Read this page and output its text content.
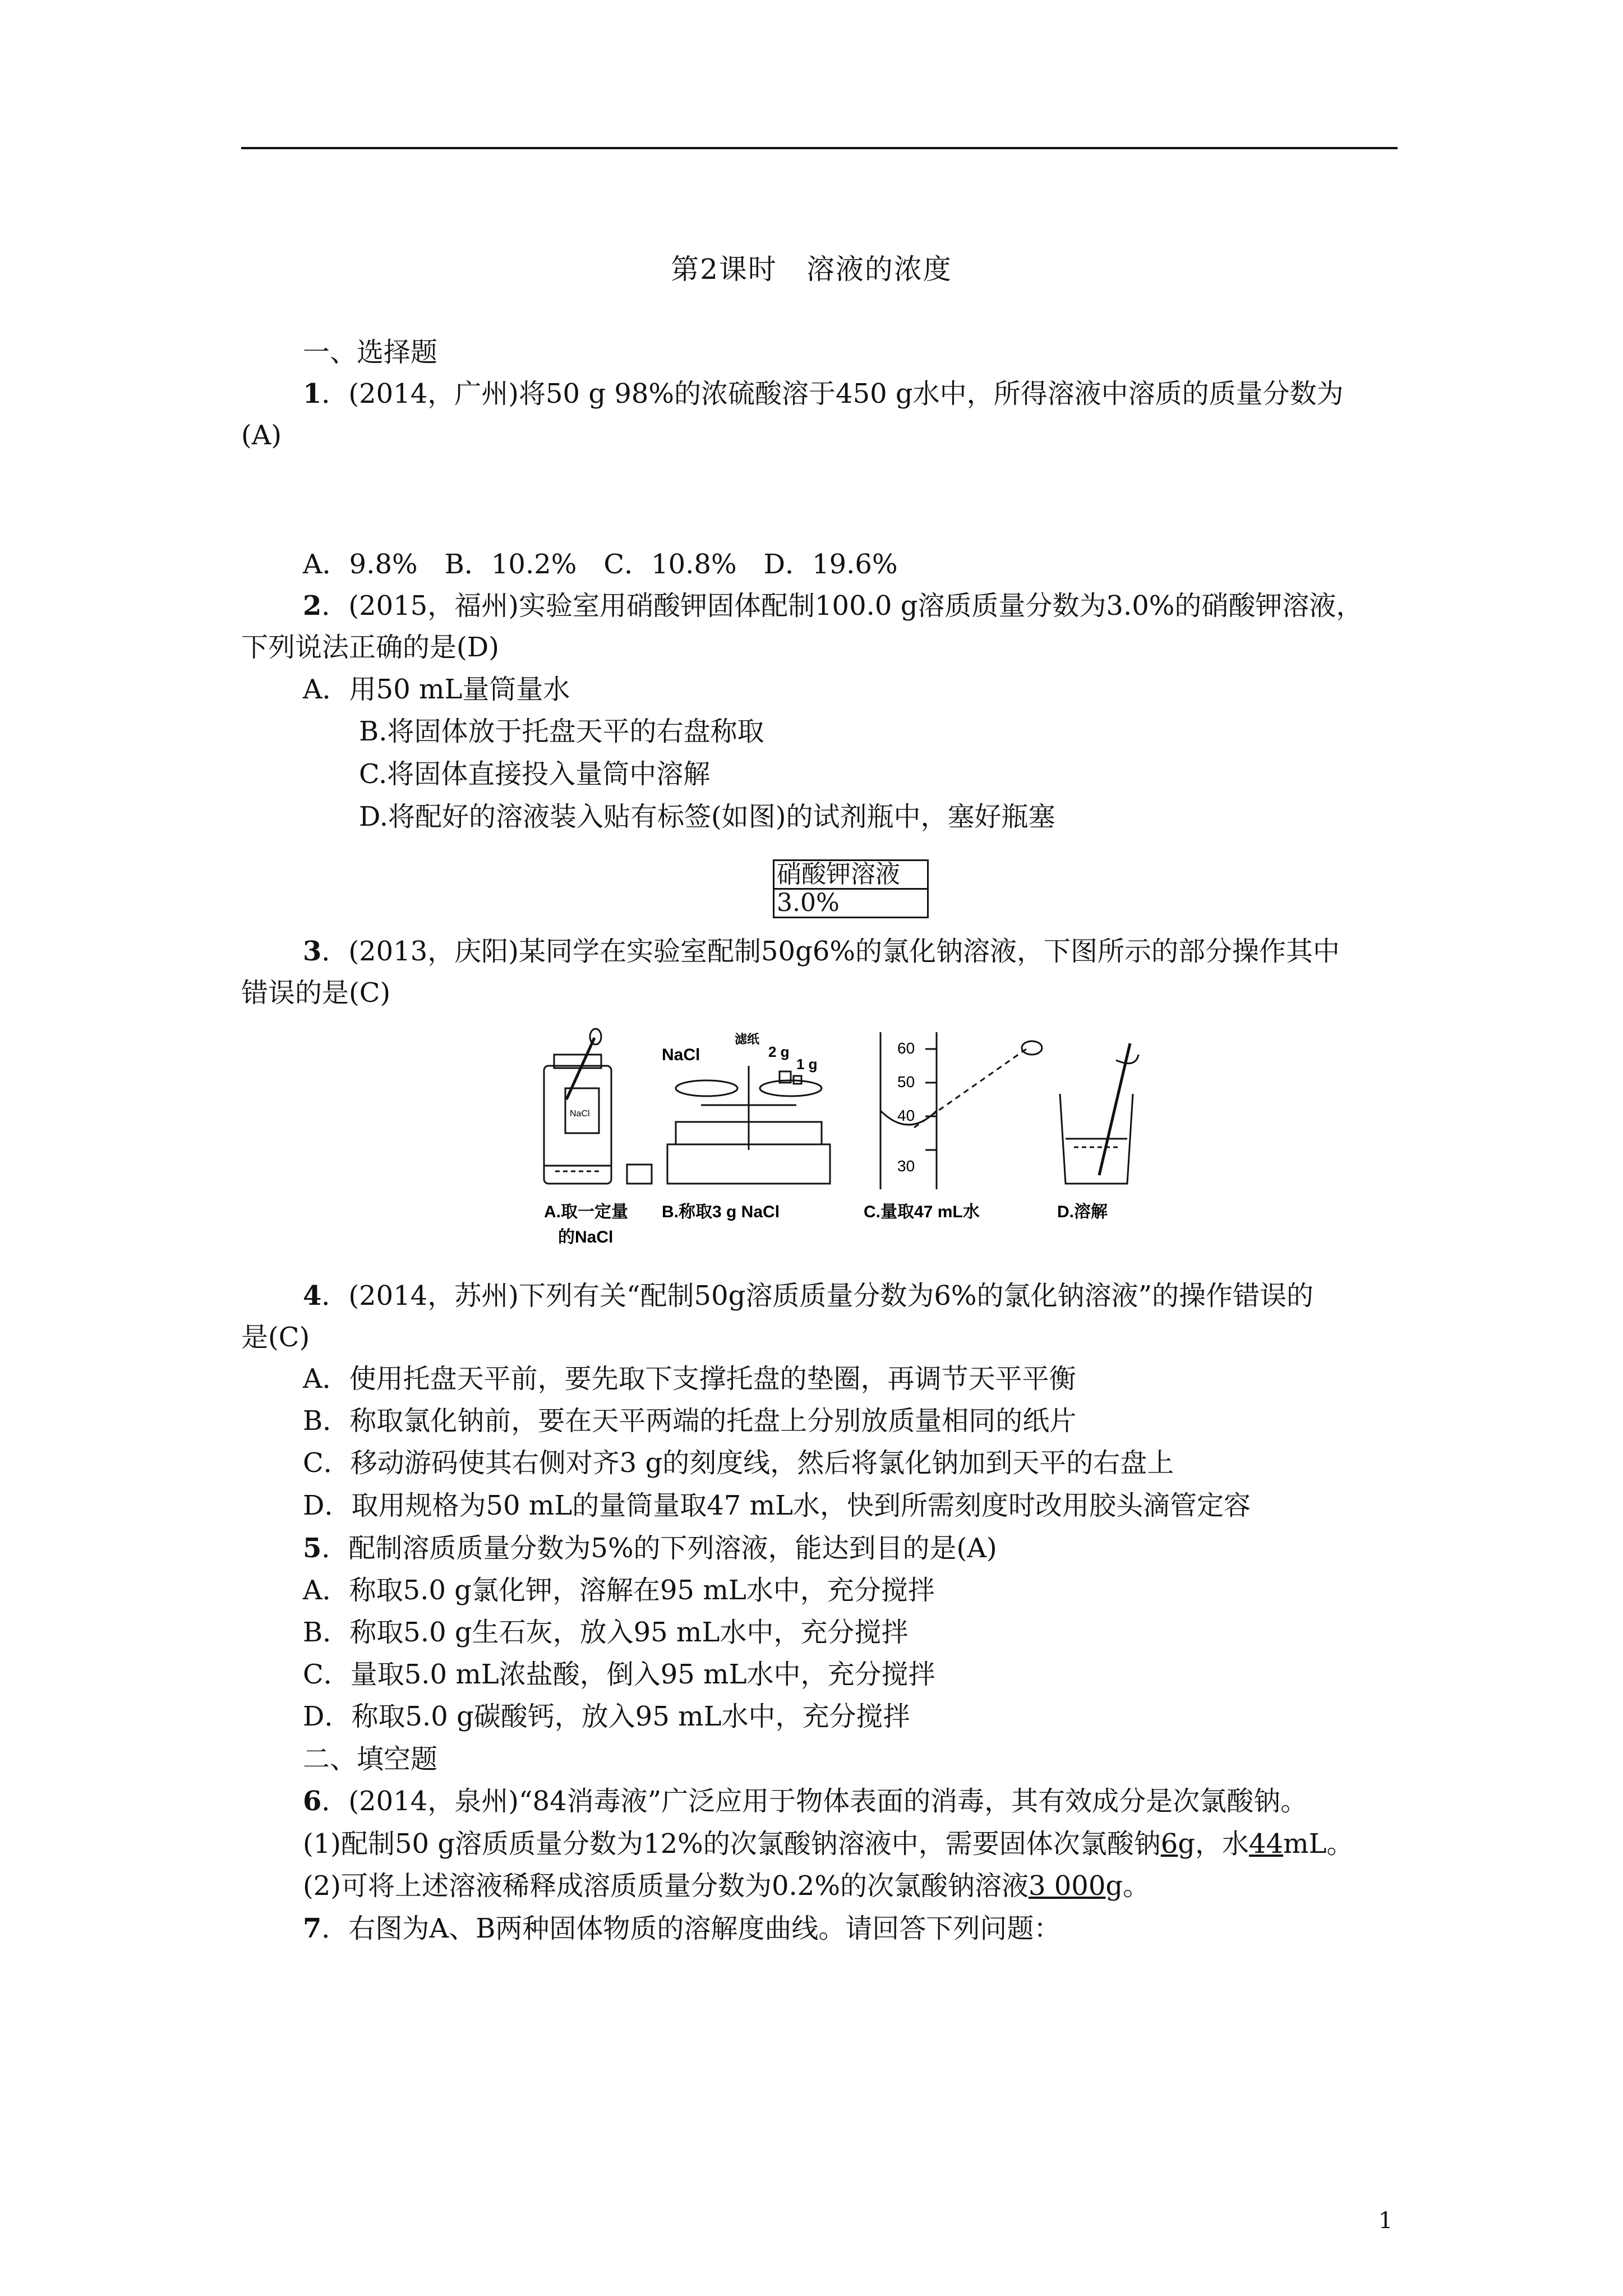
第2课时　溶液的浓度
一、选择题
1．(2014，广州)将50 g 98%的浓硫酸溶于450 g水中，所得溶液中溶质的质量分数为
(A)
A．9.8%　B．10.2%　C．10.8%　D．19.6%
2．(2015，福州)实验室用硝酸钾固体配制100.0 g溶质质量分数为3.0%的硝酸钾溶液，
下列说法正确的是(D)
A．用50 mL量筒量水
B.将固体放于托盘天平的右盘称取
C.将固体直接投入量筒中溶解
D.将配好的溶液装入贴有标签(如图)的试剂瓶中，塞好瓶塞
硝酸钾溶液
3.0%
3．(2013，庆阳)某同学在实验室配制50g6%的氯化钠溶液，下图所示的部分操作其中
错误的是(C)
NaCl
NaCl
滤纸
2 g
1 g
60
50
40
30
A.取一定量
的NaCl
B.称取3 g NaCl	C.量取47 mL水	D.溶解
4．(2014，苏州)下列有关“配制50g溶质质量分数为6%的氯化钠溶液”的操作错误的
是(C)
A．使用托盘天平前，要先取下支撑托盘的垫圈，再调节天平平衡
B．称取氯化钠前，要在天平两端的托盘上分别放质量相同的纸片
C．移动游码使其右侧对齐3 g的刻度线，然后将氯化钠加到天平的右盘上
D．取用规格为50 mL的量筒量取47 mL水，快到所需刻度时改用胶头滴管定容
5．配制溶质质量分数为5%的下列溶液，能达到目的是(A)
A．称取5.0 g氯化钾，溶解在95 mL水中，充分搅拌
B．称取5.0 g生石灰，放入95 mL水中，充分搅拌
C．量取5.0 mL浓盐酸，倒入95 mL水中，充分搅拌
D．称取5.0 g碳酸钙，放入95 mL水中，充分搅拌
二、填空题
6．(2014，泉州)“84消毒液”广泛应用于物体表面的消毒，其有效成分是次氯酸钠。
(1)配制50 g溶质质量分数为12%的次氯酸钠溶液中，需要固体次氯酸钠6g，水44mL。
(2)可将上述溶液稀释成溶质质量分数为0.2%的次氯酸钠溶液3 000g。
7．右图为A、B两种固体物质的溶解度曲线。请回答下列问题：
1
